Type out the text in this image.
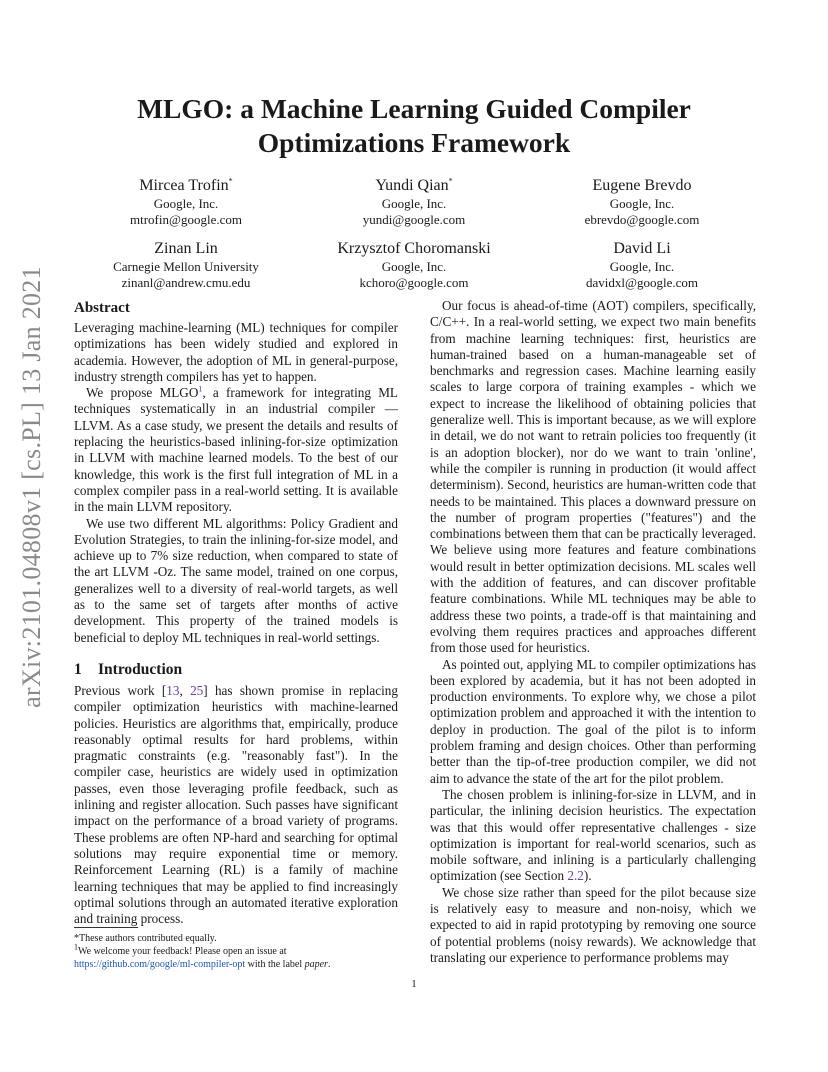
arXiv:2101.04808v1 [cs.PL] 13 Jan 2021
MLGO: a Machine Learning Guided Compiler
Optimizations Framework
Mircea Trofin*
Google, Inc.
mtrofin@google.com
Yundi Qian*
Google, Inc.
yundi@google.com
Eugene Brevdo
Google, Inc.
ebrevdo@google.com
Zinan Lin
Carnegie Mellon University
zinanl@andrew.cmu.edu
Krzysztof Choromanski
Google, Inc.
kchoro@google.com
David Li
Google, Inc.
davidxl@google.com
Abstract

Leveraging machine-learning (ML) techniques for compiler optimizations has been widely studied and explored in academia. However, the adoption of ML in general-purpose, industry strength compilers has yet to happen.

We propose MLGO$^1$, a framework for integrating ML techniques systematically in an industrial compiler — LLVM. As a case study, we present the details and results of replacing the heuristics-based inlining-for-size optimization in LLVM with machine learned models. To the best of our knowledge, this work is the first full integration of ML in a complex compiler pass in a real-world setting. It is available in the main LLVM repository.

We use two different ML algorithms: Policy Gradient and Evolution Strategies, to train the inlining-for-size model, and achieve up to 7% size reduction, when compared to state of the art LLVM -Oz. The same model, trained on one corpus, generalizes well to a diversity of real-world targets, as well as to the same set of targets after months of active development. This property of the trained models is beneficial to deploy ML techniques in real-world settings.

1 Introduction

Previous work [13, 25] has shown promise in replacing compiler optimization heuristics with machine-learned policies. Heuristics are algorithms that, empirically, produce reasonably optimal results for hard problems, within pragmatic constraints (e.g. "reasonably fast"). In the compiler case, heuristics are widely used in optimization passes, even those leveraging profile feedback, such as inlining and register allocation. Such passes have significant impact on the performance of a broad variety of programs. These problems are often NP-hard and searching for optimal solutions may require exponential time or memory. Reinforcement Learning (RL) is a family of machine learning techniques that may be applied to find increasingly optimal solutions through an automated iterative exploration and training process.

Our focus is ahead-of-time (AOT) compilers, specifically, C/C++. In a real-world setting, we expect two main benefits from machine learning techniques: first, heuristics are human-trained based on a human-manageable set of benchmarks and regression cases. Machine learning easily scales to large corpora of training examples - which we expect to increase the likelihood of obtaining policies that generalize well. This is important because, as we will explore in detail, we do not want to retrain policies too frequently (it is an adoption blocker), nor do we want to train 'online', while the compiler is running in production (it would affect determinism). Second, heuristics are human-written code that needs to be maintained. This places a downward pressure on the number of program properties ("features") and the combinations between them that can be practically leveraged. We believe using more features and feature combinations would result in better optimization decisions. ML scales well with the addition of features, and can discover profitable feature combinations. While ML techniques may be able to address these two points, a trade-off is that maintaining and evolving them requires practices and approaches different from those used for heuristics.

As pointed out, applying ML to compiler optimizations has been explored by academia, but it has not been adopted in production environments. To explore why, we chose a pilot optimization problem and approached it with the intention to deploy in production. The goal of the pilot is to inform problem framing and design choices. Other than performing better than the tip-of-tree production compiler, we did not aim to advance the state of the art for the pilot problem.

The chosen problem is inlining-for-size in LLVM, and in particular, the inlining decision heuristics. The expectation was that this would offer representative challenges - size optimization is important for real-world scenarios, such as mobile software, and inlining is a particularly challenging optimization (see Section 2.2).

We chose size rather than speed for the pilot because size is relatively easy to measure and non-noisy, which we expected to aid in rapid prototyping by removing one source of potential problems (noisy rewards). We acknowledge that translating our experience to performance problems may

*These authors contributed equally.

$^1$We welcome your feedback! Please open an issue at https://github.com/google/ml-compiler-opt with the label paper.

1
